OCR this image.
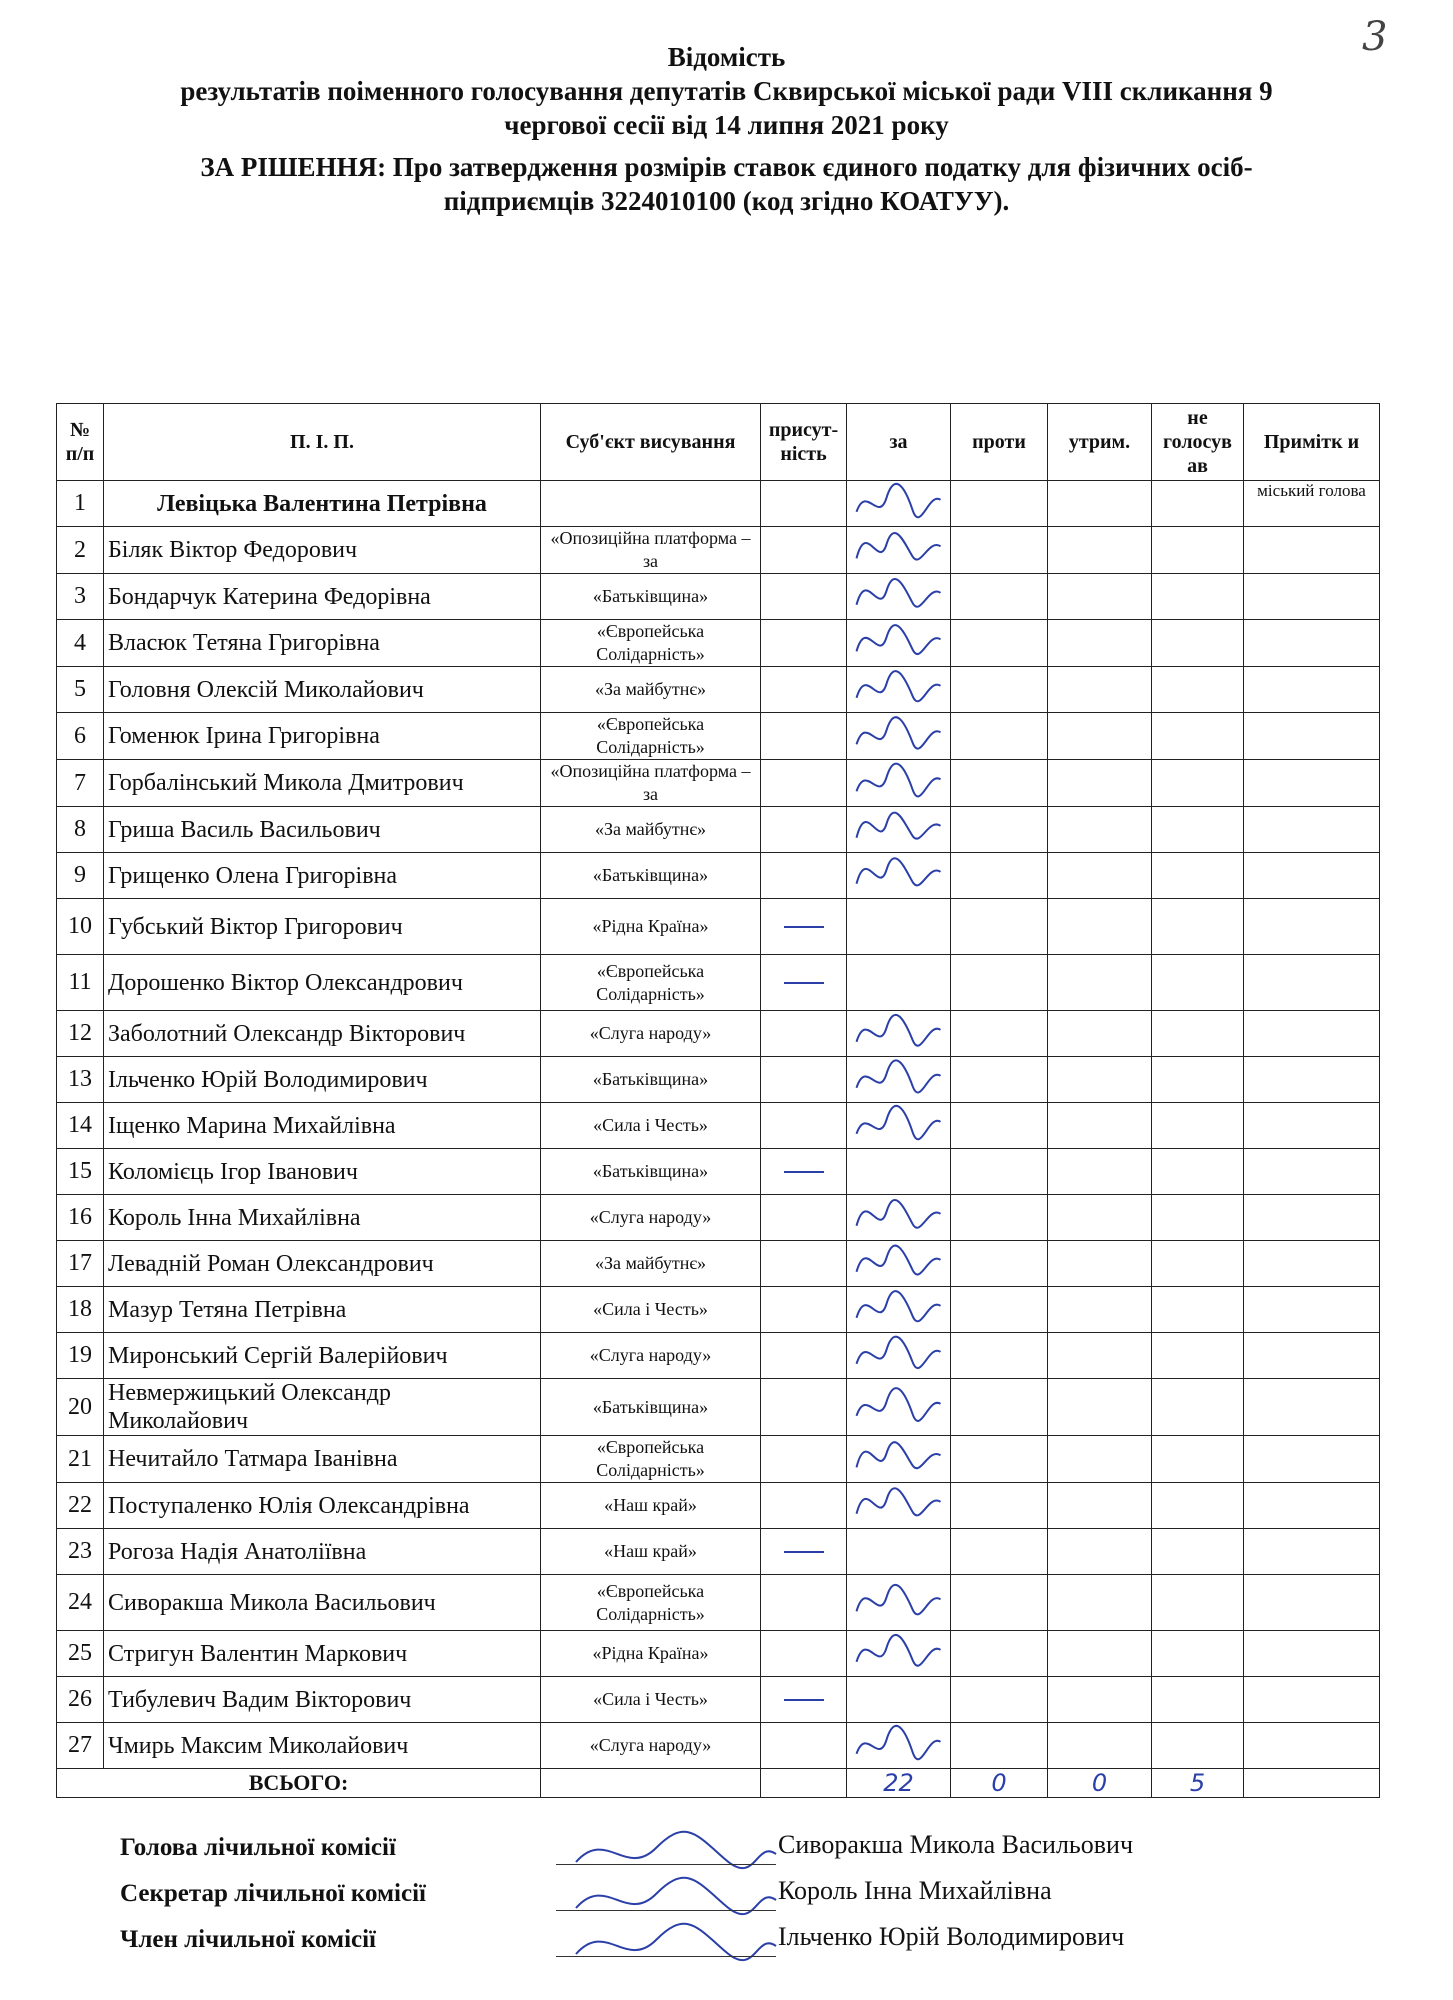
3
Відомість
результатів поіменного голосування депутатів Сквирської міської ради VIII скликання 9
чергової сесії від 14 липня 2021 року
ЗА РІШЕННЯ: Про затвердження розмірів ставок єдиного податку для фізичних осіб-
підприємців 3224010100 (код згідно КОАТУУ).
№ п/п	П. І. П.	Суб'єкт висування	присут-ність	за	проти	утрим.	не голосув ав	Примітк и
1	Левіцька Валентина Петрівна							міський голова
2	Біляк Віктор Федорович	«Опозиційна платформа – за						
3	Бондарчук Катерина Федорівна	«Батьківщина»						
4	Власюк Тетяна Григорівна	«Європейська Солідарність»						
5	Головня Олексій Миколайович	«За майбутнє»						
6	Гоменюк Ірина Григорівна	«Європейська Солідарність»						
7	Горбалінський Микола Дмитрович	«Опозиційна платформа – за						
8	Гриша Василь Васильович	«За майбутнє»						
9	Грищенко Олена Григорівна	«Батьківщина»						
10	Губський Віктор Григорович	«Рідна Країна»						
11	Дорошенко Віктор Олександрович	«Європейська Солідарність»						
12	Заболотний Олександр Вікторович	«Слуга народу»						
13	Ільченко Юрій Володимирович	«Батьківщина»						
14	Іщенко Марина Михайлівна	«Сила і Честь»						
15	Коломієць Ігор Іванович	«Батьківщина»						
16	Король Інна Михайлівна	«Слуга народу»						
17	Левадній Роман Олександрович	«За майбутнє»						
18	Мазур Тетяна Петрівна	«Сила і Честь»						
19	Миронський Сергій Валерійович	«Слуга народу»						
20	Невмержицький Олександр Миколайович	«Батьківщина»						
21	Нечитайло Татмара Іванівна	«Європейська Солідарність»						
22	Поступаленко Юлія Олександрівна	«Наш край»						
23	Рогоза Надія Анатоліївна	«Наш край»						
24	Сиворакша Микола Васильович	«Європейська Солідарність»						
25	Стригун Валентин Маркович	«Рідна Країна»						
26	Тибулевич Вадим Вікторович	«Сила і Честь»						
27	Чмирь Максим Миколайович	«Слуга народу»						
ВСЬОГО:				22	0	0	5	
Голова лічильної комісії	Сиворакша Микола Васильович
Секретар лічильної комісії	Король Інна Михайлівна
Член лічильної комісії	Ільченко Юрій Володимирович
